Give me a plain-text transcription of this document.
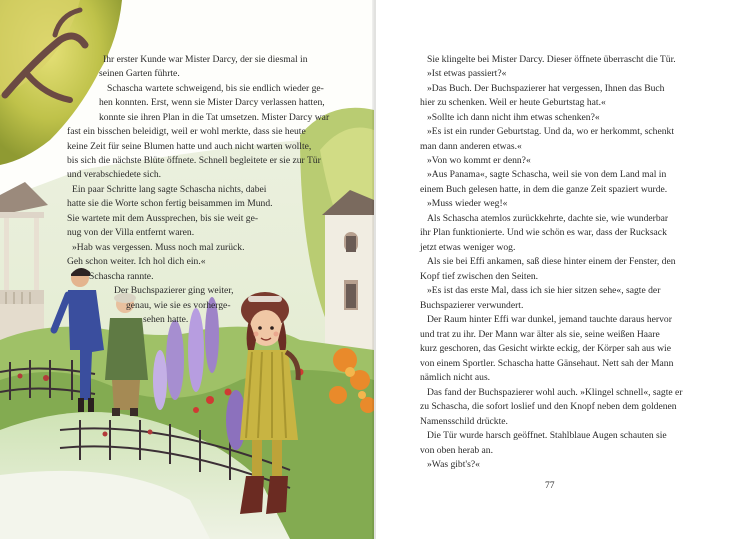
Ihr erster Kunde war Mister Darcy, der sie diesmal in

seinen Garten führte.

Schascha wartete schweigend, bis sie endlich wieder ge-

hen konnten. Erst, wenn sie Mister Darcy verlassen hatten,

konnte sie ihren Plan in die Tat umsetzen. Mister Darcy war

fast ein bisschen beleidigt, weil er wohl merkte, dass sie heute

keine Zeit für seine Blumen hatte und auch nicht warten wollte,

bis sich die nächste Blüte öffnete. Schnell begleitete er sie zur Tür

und verabschiedete sich.

Ein paar Schritte lang sagte Schascha nichts, dabei

hatte sie die Worte schon fertig beisammen im Mund.

Sie wartete mit dem Aussprechen, bis sie weit ge-

nug von der Villa entfernt waren.

»Hab was vergessen. Muss noch mal zurück.

Geh schon weiter. Ich hol dich ein.«

Schascha rannte.

Der Buchspazierer ging weiter,

genau, wie sie es vorherge-

sehen hatte.

Sie klingelte bei Mister Darcy. Dieser öffnete überrascht die Tür.

»Ist etwas passiert?«

»Das Buch. Der Buchspazierer hat vergessen, Ihnen das Buch

hier zu schenken. Weil er heute Geburtstag hat.«

»Sollte ich dann nicht ihm etwas schenken?«

»Es ist ein runder Geburtstag. Und da, wo er herkommt, schenkt

man dann anderen etwas.«

»Von wo kommt er denn?«

»Aus Panama«, sagte Schascha, weil sie von dem Land mal in

einem Buch gelesen hatte, in dem die ganze Zeit spaziert wurde.

»Muss wieder weg!«

Als Schascha atemlos zurückkehrte, dachte sie, wie wunderbar

ihr Plan funktionierte. Und wie schön es war, dass der Rucksack

jetzt etwas weniger wog.

Als sie bei Effi ankamen, saß diese hinter einem der Fenster, den

Kopf tief zwischen den Seiten.

»Es ist das erste Mal, dass ich sie hier sitzen sehe«, sagte der

Buchspazierer verwundert.

Der Raum hinter Effi war dunkel, jemand tauchte daraus hervor

und trat zu ihr. Der Mann war älter als sie, seine weißen Haare

kurz geschoren, das Gesicht wirkte eckig, der Körper sah aus wie

von einem Sportler. Schascha hatte Gänsehaut. Nett sah der Mann

nämlich nicht aus.

Das fand der Buchspazierer wohl auch. »Klingel schnell«, sagte er

zu Schascha, die sofort loslief und den Knopf neben dem goldenen

Namensschild drückte.

Die Tür wurde harsch geöffnet. Stahlblaue Augen schauten sie

von oben herab an.

»Was gibt's?«

77
